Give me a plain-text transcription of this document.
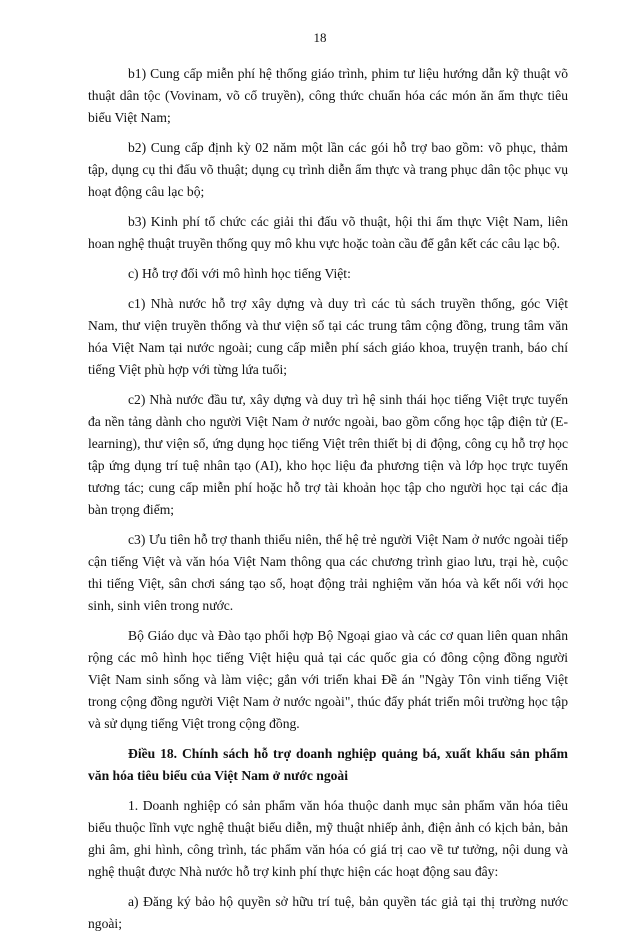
18

b1) Cung cấp miễn phí hệ thống giáo trình, phim tư liệu hướng dẫn kỹ thuật võ thuật dân tộc (Vovinam, võ cổ truyền), công thức chuẩn hóa các món ăn ẩm thực tiêu biểu Việt Nam;

b2) Cung cấp định kỳ 02 năm một lần các gói hỗ trợ bao gồm: võ phục, thảm tập, dụng cụ thi đấu võ thuật; dụng cụ trình diễn ẩm thực và trang phục dân tộc phục vụ hoạt động câu lạc bộ;

b3) Kinh phí tổ chức các giải thi đấu võ thuật, hội thi ẩm thực Việt Nam, liên hoan nghệ thuật truyền thống quy mô khu vực hoặc toàn cầu để gắn kết các câu lạc bộ.

c) Hỗ trợ đối với mô hình học tiếng Việt:

c1) Nhà nước hỗ trợ xây dựng và duy trì các tủ sách truyền thống, góc Việt Nam, thư viện truyền thống và thư viện số tại các trung tâm cộng đồng, trung tâm văn hóa Việt Nam tại nước ngoài; cung cấp miễn phí sách giáo khoa, truyện tranh, báo chí tiếng Việt phù hợp với từng lứa tuổi;

c2) Nhà nước đầu tư, xây dựng và duy trì hệ sinh thái học tiếng Việt trực tuyến đa nền tảng dành cho người Việt Nam ở nước ngoài, bao gồm cổng học tập điện tử (E-learning), thư viện số, ứng dụng học tiếng Việt trên thiết bị di động, công cụ hỗ trợ học tập ứng dụng trí tuệ nhân tạo (AI), kho học liệu đa phương tiện và lớp học trực tuyến tương tác; cung cấp miễn phí hoặc hỗ trợ tài khoản học tập cho người học tại các địa bàn trọng điểm;

c3) Ưu tiên hỗ trợ thanh thiếu niên, thế hệ trẻ người Việt Nam ở nước ngoài tiếp cận tiếng Việt và văn hóa Việt Nam thông qua các chương trình giao lưu, trại hè, cuộc thi tiếng Việt, sân chơi sáng tạo số, hoạt động trải nghiệm văn hóa và kết nối với học sinh, sinh viên trong nước.

Bộ Giáo dục và Đào tạo phối hợp Bộ Ngoại giao và các cơ quan liên quan nhân rộng các mô hình học tiếng Việt hiệu quả tại các quốc gia có đông cộng đồng người Việt Nam sinh sống và làm việc; gắn với triển khai Đề án "Ngày Tôn vinh tiếng Việt trong cộng đồng người Việt Nam ở nước ngoài", thúc đẩy phát triển môi trường học tập và sử dụng tiếng Việt trong cộng đồng.

Điều 18. Chính sách hỗ trợ doanh nghiệp quảng bá, xuất khẩu sản phẩm văn hóa tiêu biểu của Việt Nam ở nước ngoài

1. Doanh nghiệp có sản phẩm văn hóa thuộc danh mục sản phẩm văn hóa tiêu biểu thuộc lĩnh vực nghệ thuật biểu diễn, mỹ thuật nhiếp ảnh, điện ảnh có kịch bản, bản ghi âm, ghi hình, công trình, tác phẩm văn hóa có giá trị cao về tư tưởng, nội dung và nghệ thuật được Nhà nước hỗ trợ kinh phí thực hiện các hoạt động sau đây:

a) Đăng ký bảo hộ quyền sở hữu trí tuệ, bản quyền tác giả tại thị trường nước ngoài;
